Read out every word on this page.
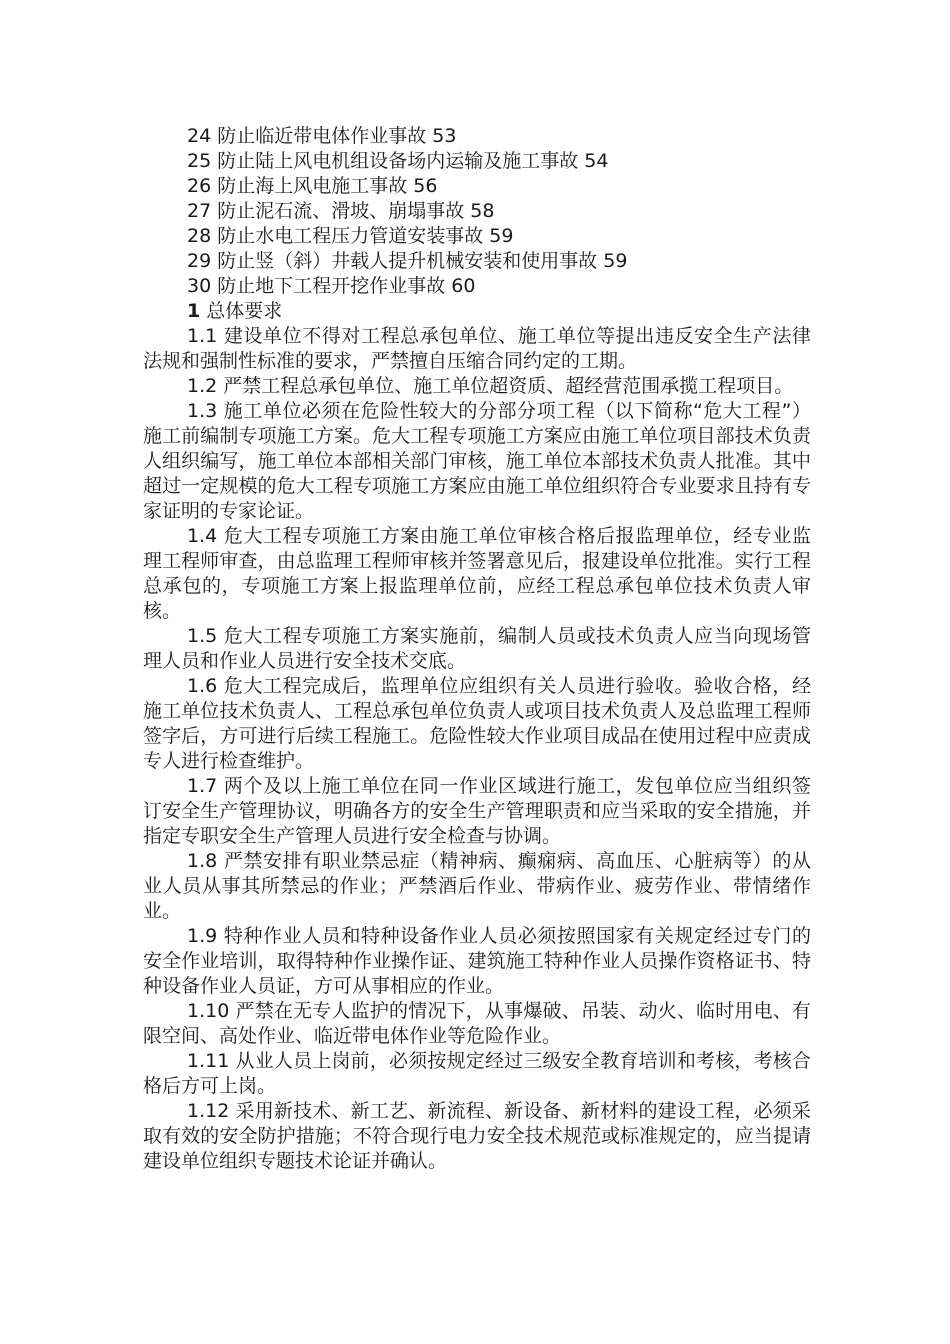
24 防止临近带电体作业事故 53

25 防止陆上风电机组设备场内运输及施工事故 54

26 防止海上风电施工事故 56

27 防止泥石流、滑坡、崩塌事故 58

28 防止水电工程压力管道安装事故 59

29 防止竖（斜）井载人提升机械安装和使用事故 59

30 防止地下工程开挖作业事故 60

1 总体要求

1.1 建设单位不得对工程总承包单位、施工单位等提出违反安全生产法律法规和强制性标准的要求，严禁擅自压缩合同约定的工期。

1.2 严禁工程总承包单位、施工单位超资质、超经营范围承揽工程项目。

1.3 施工单位必须在危险性较大的分部分项工程（以下简称“危大工程”）施工前编制专项施工方案。危大工程专项施工方案应由施工单位项目部技术负责人组织编写，施工单位本部相关部门审核，施工单位本部技术负责人批准。其中超过一定规模的危大工程专项施工方案应由施工单位组织符合专业要求且持有专家证明的专家论证。

1.4 危大工程专项施工方案由施工单位审核合格后报监理单位，经专业监理工程师审查，由总监理工程师审核并签署意见后，报建设单位批准。实行工程总承包的，专项施工方案上报监理单位前，应经工程总承包单位技术负责人审核。

1.5 危大工程专项施工方案实施前，编制人员或技术负责人应当向现场管理人员和作业人员进行安全技术交底。

1.6 危大工程完成后，监理单位应组织有关人员进行验收。验收合格，经施工单位技术负责人、工程总承包单位负责人或项目技术负责人及总监理工程师签字后，方可进行后续工程施工。危险性较大作业项目成品在使用过程中应责成专人进行检查维护。

1.7 两个及以上施工单位在同一作业区域进行施工，发包单位应当组织签订安全生产管理协议，明确各方的安全生产管理职责和应当采取的安全措施，并指定专职安全生产管理人员进行安全检查与协调。

1.8 严禁安排有职业禁忌症（精神病、癫痫病、高血压、心脏病等）的从业人员从事其所禁忌的作业；严禁酒后作业、带病作业、疲劳作业、带情绪作业。

1.9 特种作业人员和特种设备作业人员必须按照国家有关规定经过专门的安全作业培训，取得特种作业操作证、建筑施工特种作业人员操作资格证书、特种设备作业人员证，方可从事相应的作业。

1.10 严禁在无专人监护的情况下，从事爆破、吊装、动火、临时用电、有限空间、高处作业、临近带电体作业等危险作业。

1.11 从业人员上岗前，必须按规定经过三级安全教育培训和考核，考核合格后方可上岗。

1.12 采用新技术、新工艺、新流程、新设备、新材料的建设工程，必须采取有效的安全防护措施；不符合现行电力安全技术规范或标准规定的，应当提请建设单位组织专题技术论证并确认。
